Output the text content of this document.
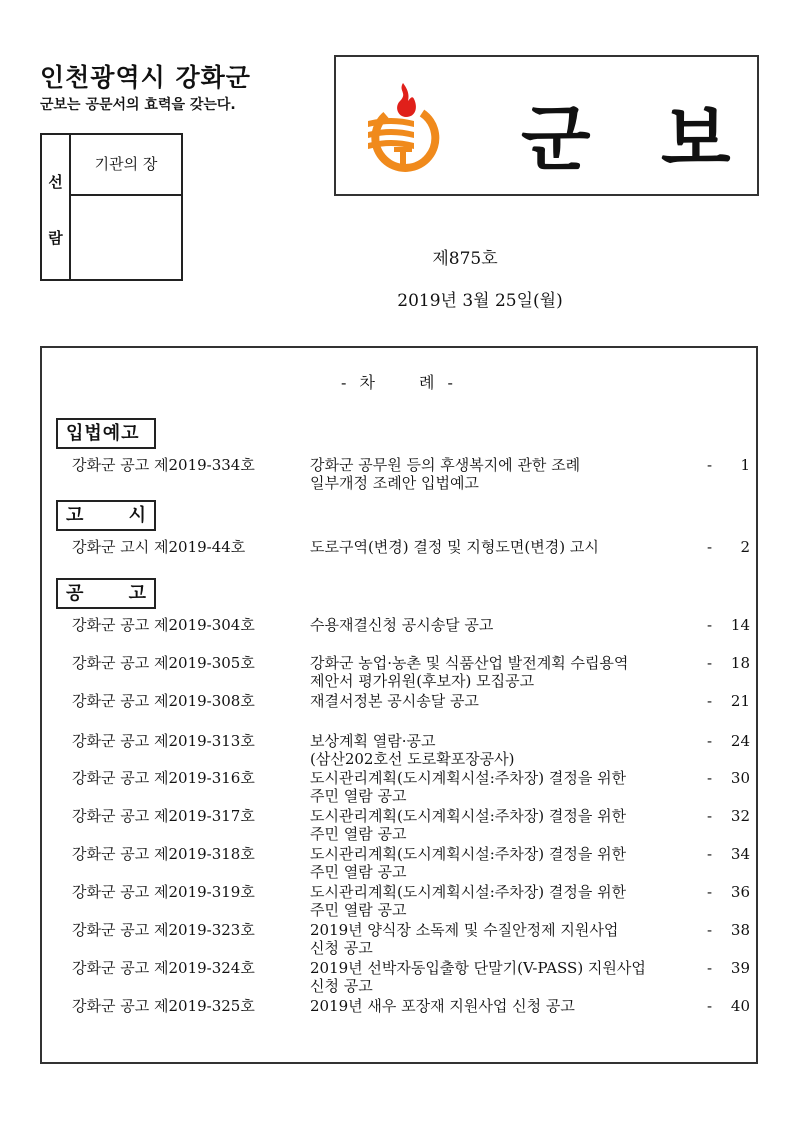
인천광역시 강화군
군보는 공문서의 효력을 갖는다.
선
람
기관의 장	군 보
제875호
2019년 3월 25일(월)
- 차　　례 -
입법예고
강화군 공고 제2019-334호	강화군 공무원 등의 후생복지에 관한 조례
일부개정 조례안 입법예고
- 1
고	시
강화군 고시 제2019-44호	도로구역(변경) 결정 및 지형도면(변경) 고시	- 2
공	고
강화군 공고 제2019-304호	수용재결신청 공시송달 공고	- 14
강화군 공고 제2019-305호	강화군 농업·농촌 및 식품산업 발전계획 수립용역
제안서 평가위원(후보자) 모집공고
- 18
강화군 공고 제2019-308호	재결서정본 공시송달 공고	- 21
강화군 공고 제2019-313호	보상계획 열람·공고
(삼산202호선 도로확포장공사)
- 24
강화군 공고 제2019-316호	도시관리계획(도시계획시설:주차장) 결정을 위한
주민 열람 공고
- 30
강화군 공고 제2019-317호	도시관리계획(도시계획시설:주차장) 결정을 위한
주민 열람 공고
- 32
강화군 공고 제2019-318호	도시관리계획(도시계획시설:주차장) 결정을 위한
주민 열람 공고
- 34
강화군 공고 제2019-319호	도시관리계획(도시계획시설:주차장) 결정을 위한
주민 열람 공고
- 36
강화군 공고 제2019-323호	2019년 양식장 소독제 및 수질안정제 지원사업
신청 공고
- 38
강화군 공고 제2019-324호	2019년 선박자동입출항 단말기(V-PASS) 지원사업
신청 공고
- 39
강화군 공고 제2019-325호	2019년 새우 포장재 지원사업 신청 공고	- 40
